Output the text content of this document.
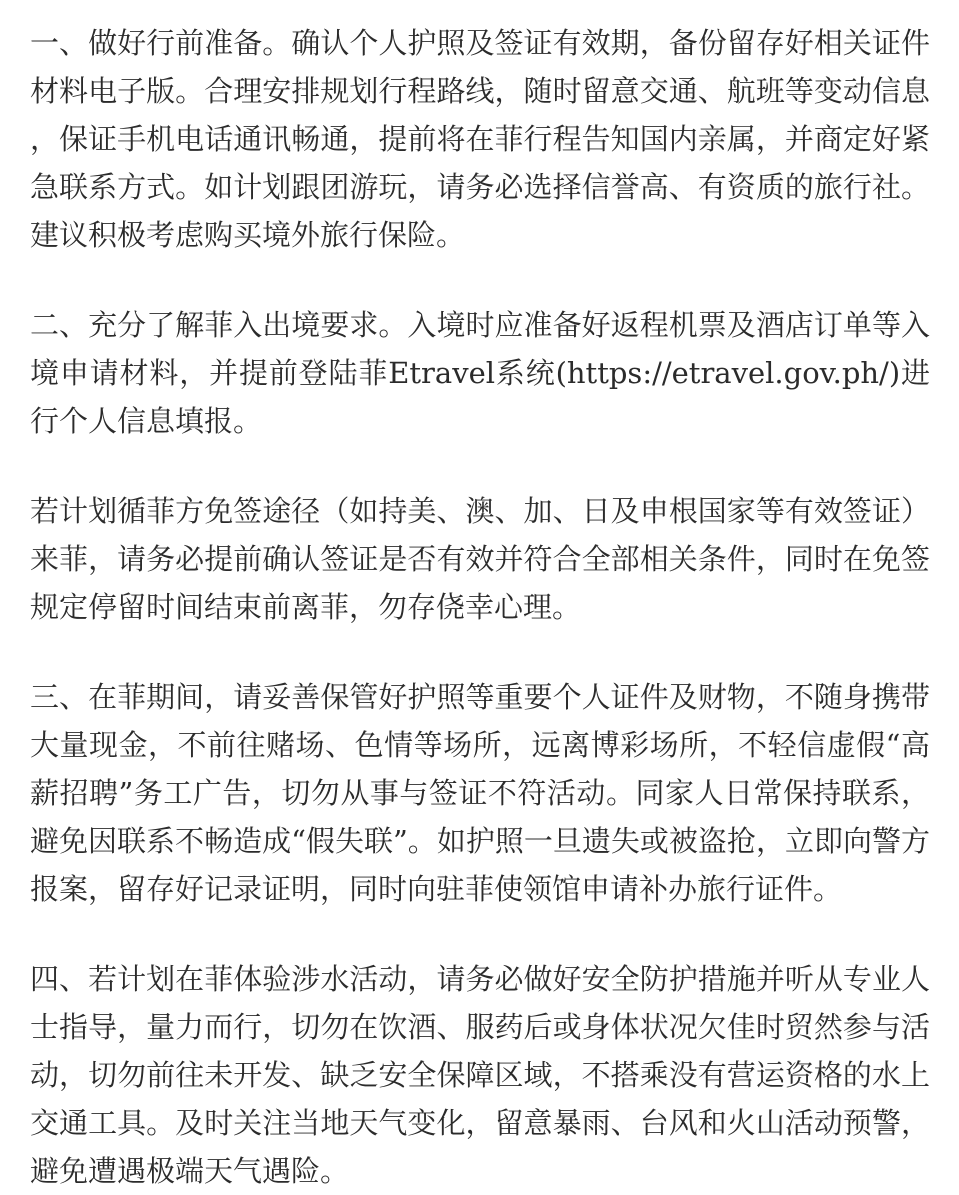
一、做好行前准备。确认个人护照及签证有效期，备份留存好相关证件材料电子版。合理安排规划行程路线，随时留意交通、航班等变动信息，保证手机电话通讯畅通，提前将在菲行程告知国内亲属，并商定好紧急联系方式。如计划跟团游玩，请务必选择信誉高、有资质的旅行社。建议积极考虑购买境外旅行保险。

二、充分了解菲入出境要求。入境时应准备好返程机票及酒店订单等入境申请材料，并提前登陆菲Etravel系统(https://etravel.gov.ph/)进行个人信息填报。

若计划循菲方免签途径（如持美、澳、加、日及申根国家等有效签证）来菲，请务必提前确认签证是否有效并符合全部相关条件，同时在免签规定停留时间结束前离菲，勿存侥幸心理。

三、在菲期间，请妥善保管好护照等重要个人证件及财物，不随身携带大量现金，不前往赌场、色情等场所，远离博彩场所，不轻信虚假“高薪招聘”务工广告，切勿从事与签证不符活动。同家人日常保持联系，避免因联系不畅造成“假失联”。如护照一旦遗失或被盗抢，立即向警方报案，留存好记录证明，同时向驻菲使领馆申请补办旅行证件。

四、若计划在菲体验涉水活动，请务必做好安全防护措施并听从专业人士指导，量力而行，切勿在饮酒、服药后或身体状况欠佳时贸然参与活动，切勿前往未开发、缺乏安全保障区域，不搭乘没有营运资格的水上交通工具。及时关注当地天气变化，留意暴雨、台风和火山活动预警，避免遭遇极端天气遇险。
